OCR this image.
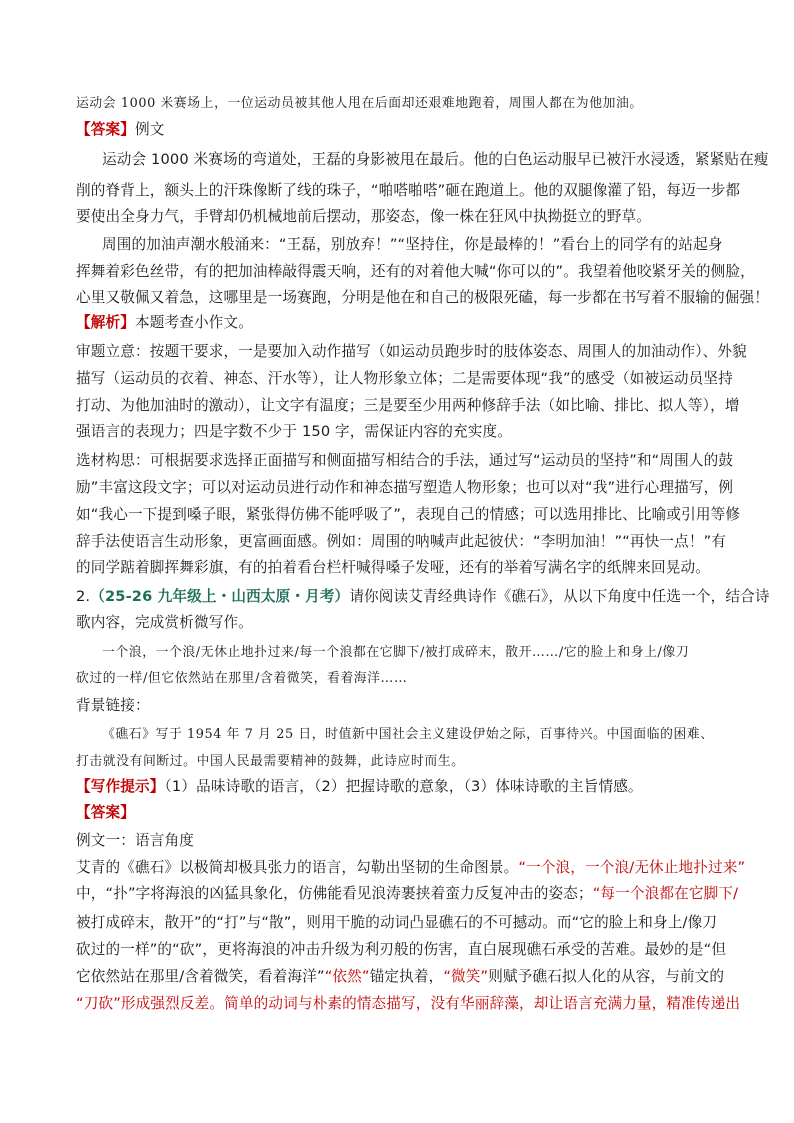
运动会 1000 米赛场上，一位运动员被其他人甩在后面却还艰难地跑着，周围人都在为他加油。
【答案】例文
运动会 1000 米赛场的弯道处，王磊的身影被甩在最后。他的白色运动服早已被汗水浸透，紧紧贴在瘦
削的脊背上，额头上的汗珠像断了线的珠子，“啪嗒啪嗒”砸在跑道上。他的双腿像灌了铅，每迈一步都
要使出全身力气，手臂却仍机械地前后摆动，那姿态，像一株在狂风中执拗挺立的野草。
周围的加油声潮水般涌来：“王磊，别放弃！”“坚持住，你是最棒的！”看台上的同学有的站起身
挥舞着彩色丝带，有的把加油棒敲得震天响，还有的对着他大喊“你可以的”。我望着他咬紧牙关的侧脸，
心里又敬佩又着急，这哪里是一场赛跑，分明是他在和自己的极限死磕，每一步都在书写着不服输的倔强！
【解析】本题考查小作文。
审题立意：按题干要求，一是要加入动作描写（如运动员跑步时的肢体姿态、周围人的加油动作）、外貌
描写（运动员的衣着、神态、汗水等），让人物形象立体；二是需要体现“我”的感受（如被运动员坚持
打动、为他加油时的激动），让文字有温度；三是要至少用两种修辞手法（如比喻、排比、拟人等），增
强语言的表现力；四是字数不少于 150 字，需保证内容的充实度。
选材构思：可根据要求选择正面描写和侧面描写相结合的手法，通过写“运动员的坚持”和“周围人的鼓
励”丰富这段文字；可以对运动员进行动作和神态描写塑造人物形象；也可以对“我”进行心理描写，例
如“我心一下提到嗓子眼，紧张得仿佛不能呼吸了”，表现自己的情感；可以选用排比、比喻或引用等修
辞手法使语言生动形象，更富画面感。例如：周围的呐喊声此起彼伏：“李明加油！”“再快一点！”有
的同学踮着脚挥舞彩旗，有的拍着看台栏杆喊得嗓子发哑，还有的举着写满名字的纸牌来回晃动。
2.（25-26 九年级上・山西太原・月考）请你阅读艾青经典诗作《礁石》，从以下角度中任选一个，结合诗
歌内容，完成赏析微写作。
一个浪，一个浪/无休止地扑过来/每一个浪都在它脚下/被打成碎末，散开……/它的脸上和身上/像刀
砍过的一样/但它依然站在那里/含着微笑，看着海洋……
背景链接：
《礁石》写于 1954 年 7 月 25 日，时值新中国社会主义建设伊始之际，百事待兴。中国面临的困难、
打击就没有间断过。中国人民最需要精神的鼓舞，此诗应时而生。
【写作提示】（1）品味诗歌的语言，（2）把握诗歌的意象，（3）体味诗歌的主旨情感。
【答案】
例文一：语言角度
艾青的《礁石》以极简却极具张力的语言，勾勒出坚韧的生命图景。“一个浪，一个浪/无休止地扑过来”
中，“扑”字将海浪的凶猛具象化，仿佛能看见浪涛裹挟着蛮力反复冲击的姿态；“每一个浪都在它脚下/
被打成碎末，散开”的“打”与“散”，则用干脆的动词凸显礁石的不可撼动。而“它的脸上和身上/像刀
砍过的一样”的“砍”，更将海浪的冲击升级为利刃般的伤害，直白展现礁石承受的苦难。最妙的是“但
它依然站在那里/含着微笑，看着海洋”“依然”锚定执着，“微笑”则赋予礁石拟人化的从容，与前文的
“刀砍”形成强烈反差。简单的动词与朴素的情态描写，没有华丽辞藻，却让语言充满力量，精准传递出
